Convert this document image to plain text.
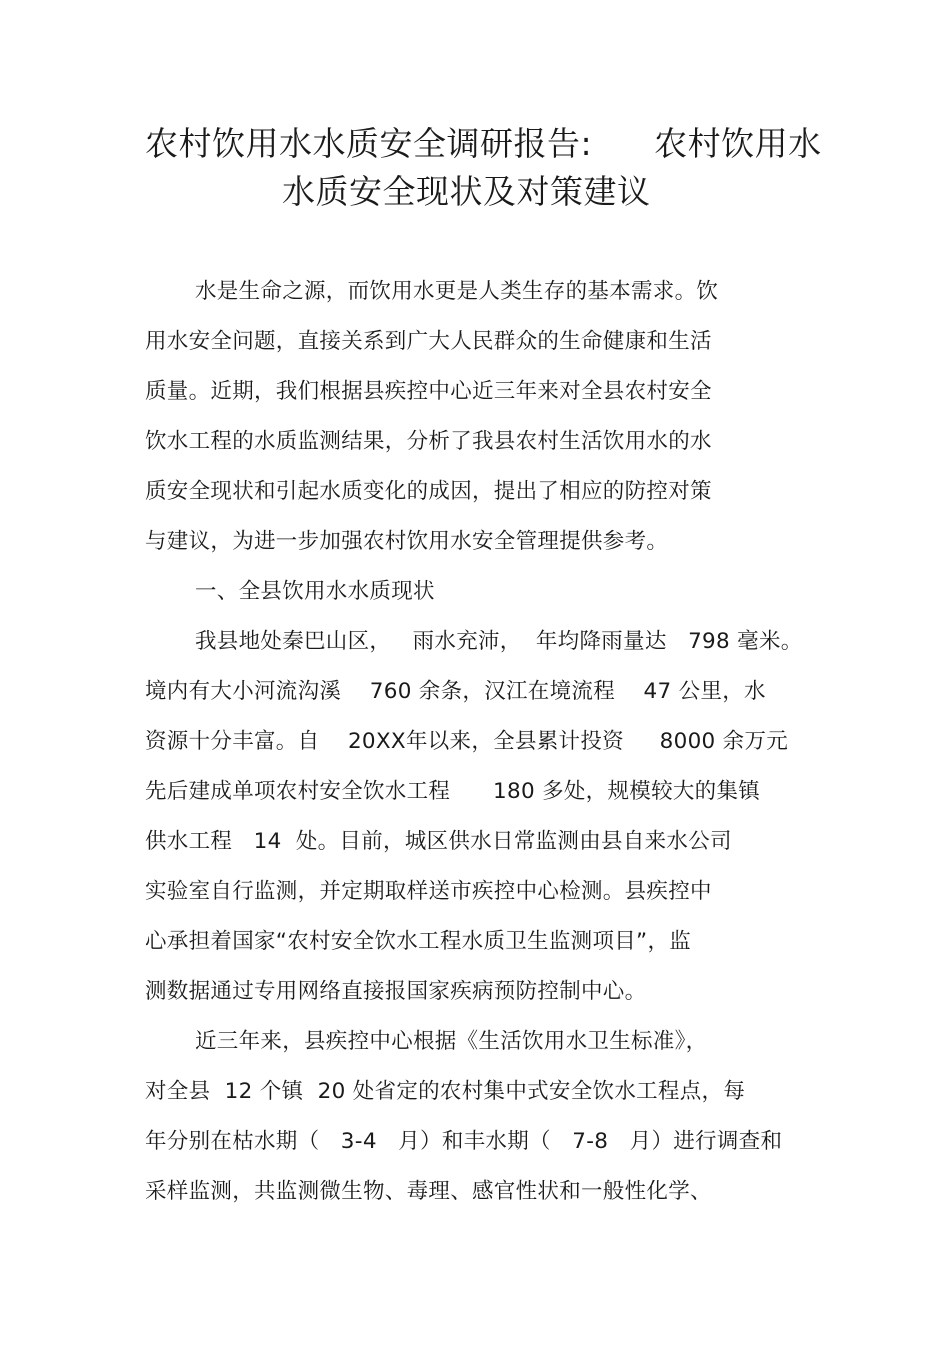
农村饮用水水质安全调研报告: 农村饮用水
水质安全现状及对策建议
水是生命之源，而饮用水更是人类生存的基本需求。饮
用水安全问题，直接关系到广大人民群众的生命健康和生活
质量。近期，我们根据县疾控中心近三年来对全县农村安全
饮水工程的水质监测结果，分析了我县农村生活饮用水的水
质安全现状和引起水质变化的成因，提出了相应的防控对策
与建议，为进一步加强农村饮用水安全管理提供参考。
一、全县饮用水水质现状
我县地处秦巴山区，   雨水充沛，  年均降雨量达   798 毫米。
境内有大小河流沟溪    760 余条，汉江在境流程    47 公里，水
资源十分丰富。自    20XX年以来，全县累计投资     8000 余万元
先后建成单项农村安全饮水工程      180 多处，规模较大的集镇
供水工程   14  处。目前，城区供水日常监测由县自来水公司
实验室自行监测，并定期取样送市疾控中心检测。县疾控中
心承担着国家“农村安全饮水工程水质卫生监测项目”，监
测数据通过专用网络直接报国家疾病预防控制中心。
近三年来，县疾控中心根据《生活饮用水卫生标准》，
对全县  12 个镇  20 处省定的农村集中式安全饮水工程点，每
年分别在枯水期（   3-4   月）和丰水期（   7-8   月）进行调查和
采样监测，共监测微生物、毒理、感官性状和一般性化学、
